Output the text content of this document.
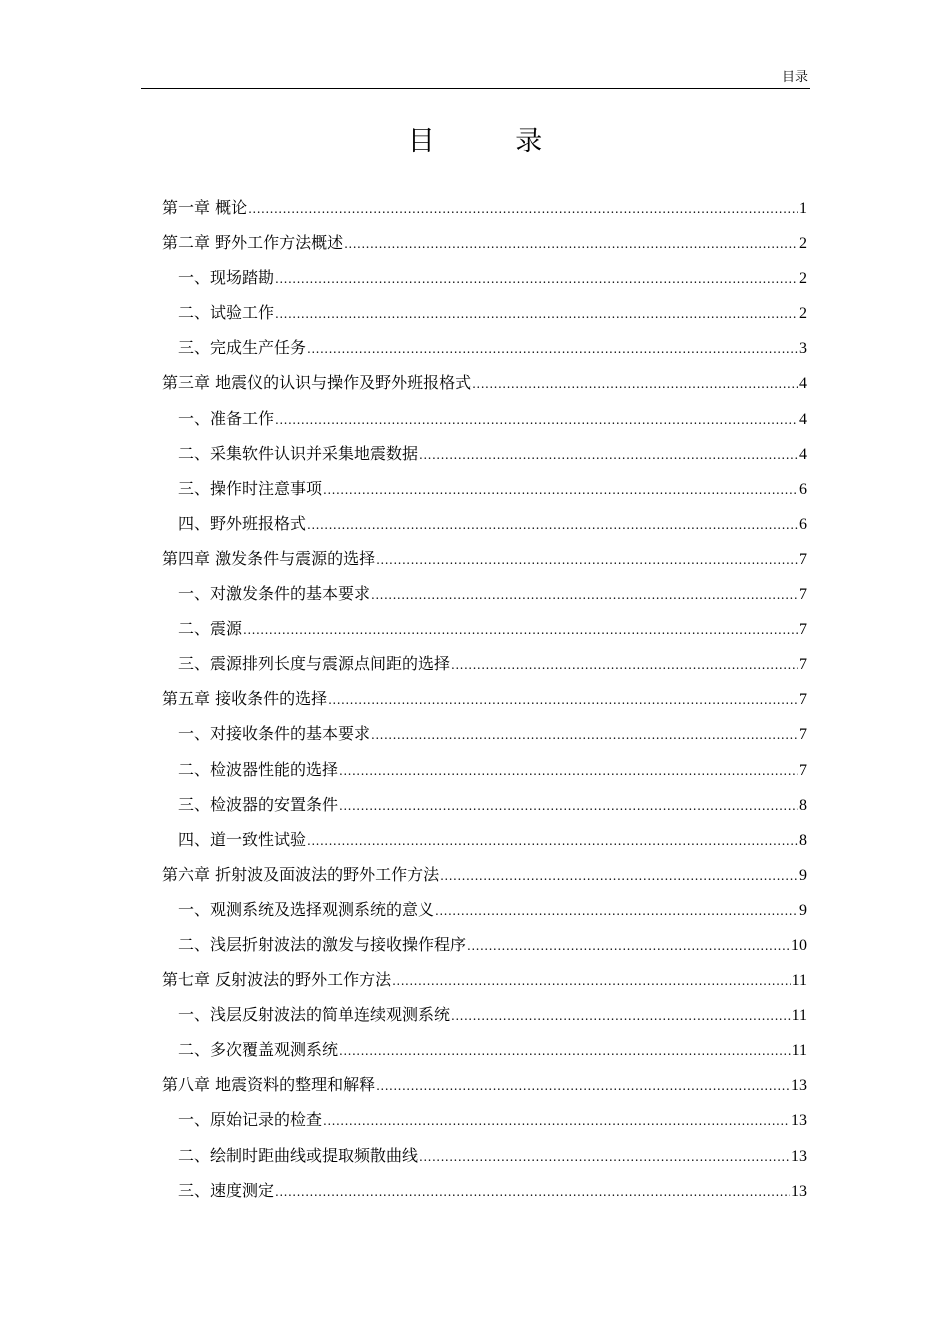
目录
目 录
第一章 概论 .....	1
第二章 野外工作方法概述 .....	2
一、现场踏勘 .....	2
二、试验工作 .....	2
三、完成生产任务 .....	3
第三章 地震仪的认识与操作及野外班报格式 .....	4
一、准备工作 .....	4
二、采集软件认识并采集地震数据 .....	4
三、操作时注意事项 .....	6
四、野外班报格式 .....	6
第四章 激发条件与震源的选择 .....	7
一、对激发条件的基本要求 .....	7
二、震源 .....	7
三、震源排列长度与震源点间距的选择 .....	7
第五章 接收条件的选择 .....	7
一、对接收条件的基本要求 .....	7
二、检波器性能的选择 .....	7
三、检波器的安置条件 .....	8
四、道一致性试验 .....	8
第六章 折射波及面波法的野外工作方法 .....	9
一、观测系统及选择观测系统的意义 .....	9
二、浅层折射波法的激发与接收操作程序 .....	10
第七章 反射波法的野外工作方法 .....	11
一、浅层反射波法的简单连续观测系统 .....	11
二、多次覆盖观测系统 .....	11
第八章 地震资料的整理和解释 .....	13
一、原始记录的检查 .....	13
二、绘制时距曲线或提取频散曲线 .....	13
三、速度测定 .....	13
